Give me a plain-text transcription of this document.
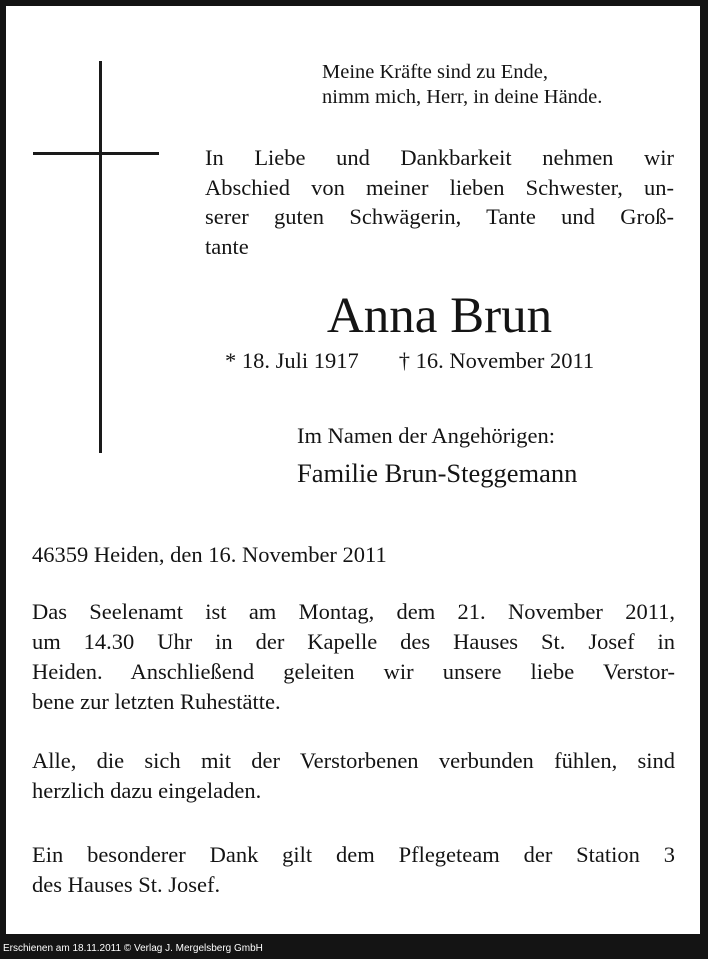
Meine Kräfte sind zu Ende,
nimm mich, Herr, in deine Hände.
In Liebe und Dankbarkeit nehmen wir
Abschied von meiner lieben Schwester, un-
serer guten Schwägerin, Tante und Groß-
tante
Anna Brun
* 18. Juli 1917 † 16. November 2011
Im Namen der Angehörigen:
Familie Brun-Steggemann
46359 Heiden, den 16. November 2011
Das Seelenamt ist am Montag, dem 21. November 2011,
um 14.30 Uhr in der Kapelle des Hauses St. Josef in
Heiden. Anschließend geleiten wir unsere liebe Verstor-
bene zur letzten Ruhestätte.
Alle, die sich mit der Verstorbenen verbunden fühlen, sind
herzlich dazu eingeladen.
Ein besonderer Dank gilt dem Pflegeteam der Station 3
des Hauses St. Josef.
Erschienen am 18.11.2011 © Verlag J. Mergelsberg GmbH
